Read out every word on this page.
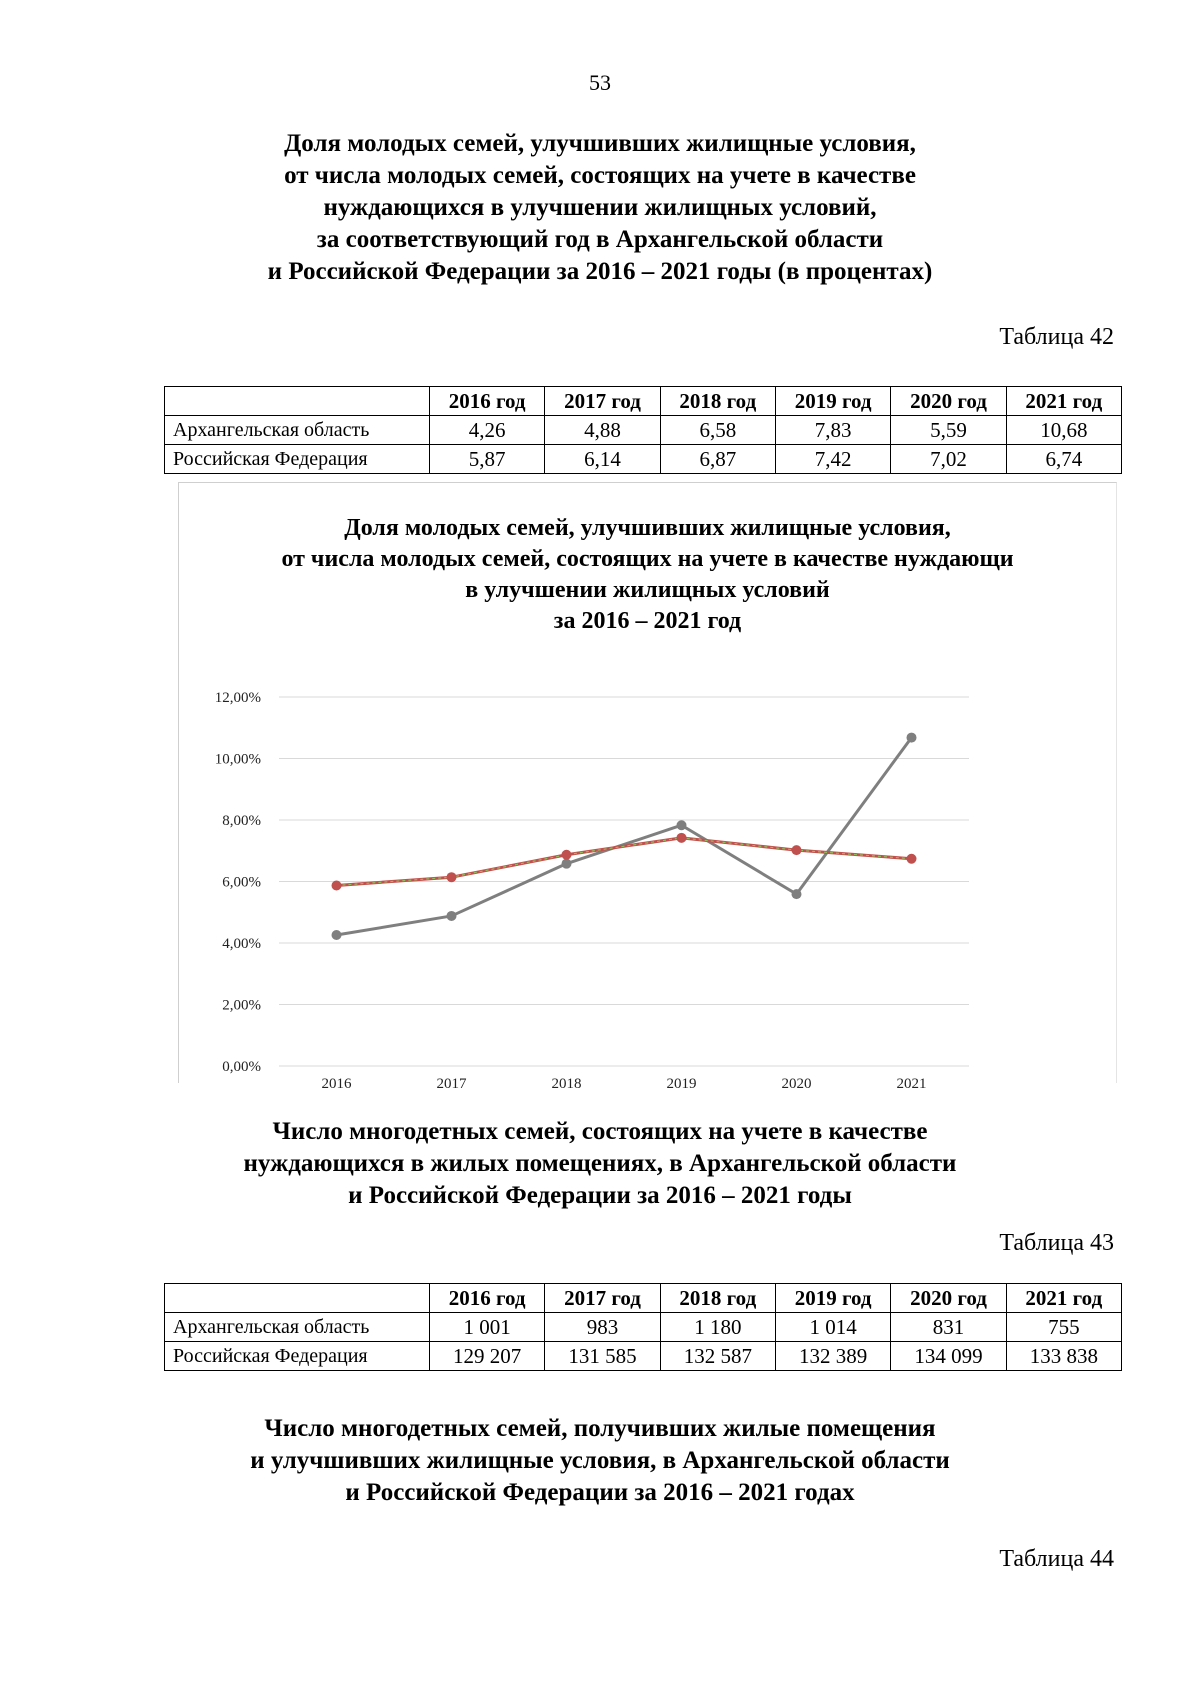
53
Доля молодых семей, улучшивших жилищные условия,
от числа молодых семей, состоящих на учете в качестве
нуждающихся в улучшении жилищных условий,
за соответствующий год в Архангельской области
и Российской Федерации за 2016 – 2021 годы (в процентах)
Таблица 42
	2016 год	2017 год	2018 год	2019 год	2020 год	2021 год
Архангельская область	4,26	4,88	6,58	7,83	5,59	10,68
Российская Федерация	5,87	6,14	6,87	7,42	7,02	6,74
Доля молодых семей, улучшивших жилищные условия,
от числа молодых семей, состоящих на учете в качестве нуждающи
в улучшении жилищных условий
за 2016 – 2021 год
0,00%
2,00%
4,00%
6,00%
8,00%
10,00%
12,00%
2016	2017	2018	2019	2020	2021
Число многодетных семей, состоящих на учете в качестве
нуждающихся в жилых помещениях, в Архангельской области
и Российской Федерации за 2016 – 2021 годы
Таблица 43
	2016 год	2017 год	2018 год	2019 год	2020 год	2021 год
Архангельская область	1 001	983	1 180	1 014	831	755
Российская Федерация	129 207	131 585	132 587	132 389	134 099	133 838
Число многодетных семей, получивших жилые помещения
и улучшивших жилищные условия, в Архангельской области
и Российской Федерации за 2016 – 2021 годах
Таблица 44
